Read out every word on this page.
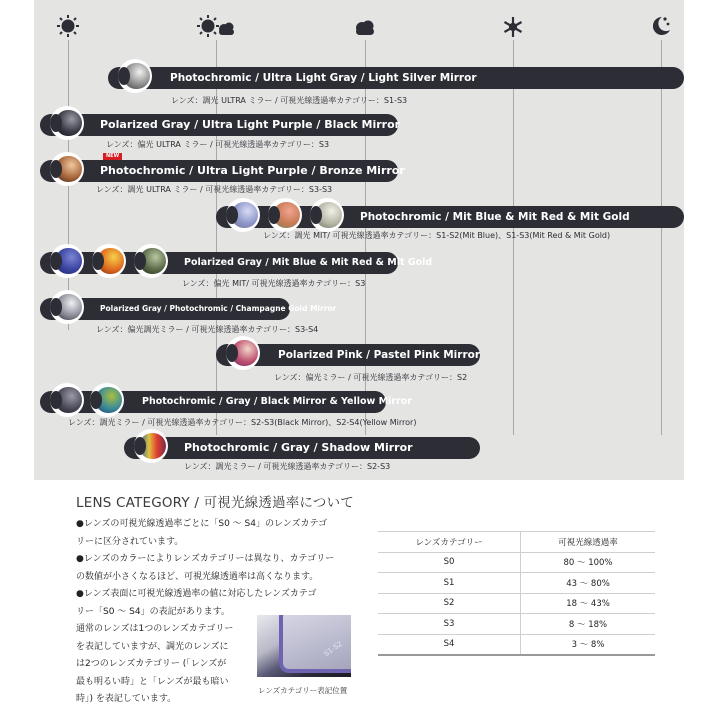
Photochromic / Ultra Light Gray / Light Silver Mirror
レンズ：調光 ULTRA ミラー / 可視光線透過率カテゴリー：S1-S3
Polarized Gray / Ultra Light Purple / Black Mirror
レンズ：偏光 ULTRA ミラー / 可視光線透過率カテゴリー：S3
NEW
Photochromic / Ultra Light Purple / Bronze Mirror
レンズ：調光 ULTRA ミラー / 可視光線透過率カテゴリー：S3-S3
Photochromic / Mit Blue & Mit Red & Mit Gold
レンズ：調光 MIT/ 可視光線透過率カテゴリー：S1-S2(Mit Blue)、S1-S3(Mit Red & Mit Gold)
Polarized Gray / Mit Blue & Mit Red & Mit Gold
レンズ：偏光 MIT/ 可視光線透過率カテゴリー：S3
Polarized Gray / Photochromic / Champagne Gold Mirror
レンズ：偏光調光ミラー / 可視光線透過率カテゴリー：S3-S4
Polarized Pink / Pastel Pink Mirror
レンズ：偏光ミラー / 可視光線透過率カテゴリー：S2
Photochromic / Gray / Black Mirror & Yellow Mirror
レンズ：調光ミラー / 可視光線透過率カテゴリー：S2-S3(Black Mirror)、S2-S4(Yellow Mirror)
Photochromic / Gray / Shadow Mirror
レンズ：調光ミラー / 可視光線透過率カテゴリー：S2-S3
LENS CATEGORY / 可視光線透過率について
●レンズの可視光線透過率ごとに「S0 ～ S4」のレンズカテゴ
リーに区分されています。
●レンズのカラーによりレンズカテゴリーは異なり、カテゴリー
の数値が小さくなるほど、可視光線透過率は高くなります。
●レンズ表面に可視光線透過率の値に対応したレンズカテゴ
リー「S0 ～ S4」の表記があります。
通常のレンズは1つのレンズカテゴリー
を表記していますが、調光のレンズに
は2つのレンズカテゴリー (「レンズが
最も明るい時」と「レンズが最も暗い
時」) を表記しています。
S1-S2
レンズカテゴリー表記位置
レンズカテゴリー	可視光線透過率
S0	80 ～ 100%
S1	43 ～ 80%
S2	18 ～ 43%
S3	8 ～ 18%
S4	3 ～ 8%
